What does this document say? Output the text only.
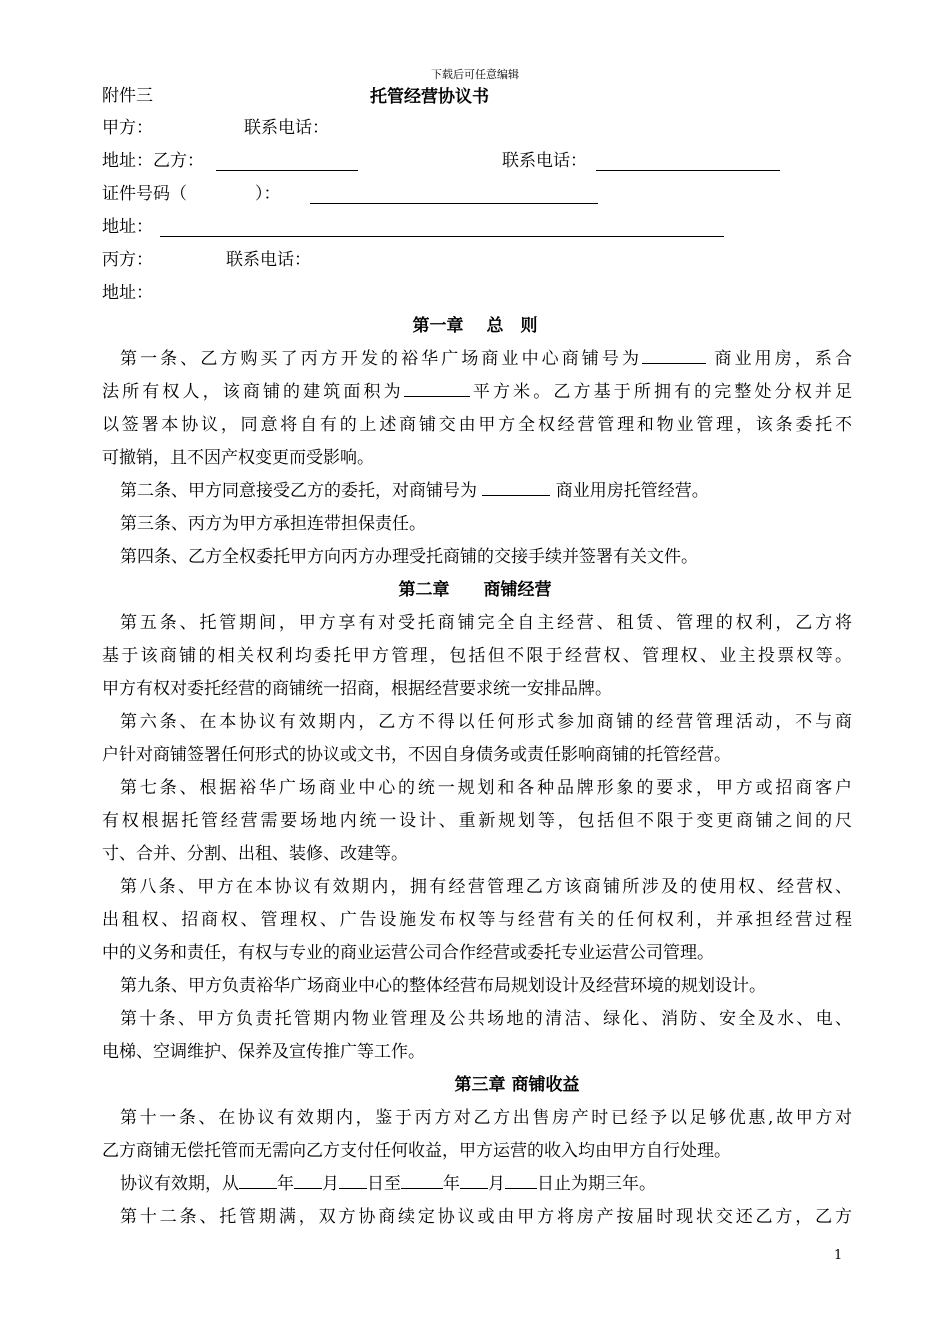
下载后可任意编辑
附件三	托管经营协议书
甲方：	联系电话：
地址：乙方：	联系电话：
证件号码（　　　　）：
地址：
丙方：	联系电话：
地址：
第一章　 总　则
第一条、乙方购买了丙方开发的裕华广场商业中心商铺号为	商业用房，系合
法所有权人，该商铺的建筑面积为	平方米。乙方基于所拥有的完整处分权并足
以签署本协议，同意将自有的上述商铺交由甲方全权经营管理和物业管理，该条委托不
可撤销，且不因产权变更而受影响。
第二条、甲方同意接受乙方的委托，对商铺号为	商业用房托管经营。
第三条、丙方为甲方承担连带担保责任。
第四条、乙方全权委托甲方向丙方办理受托商铺的交接手续并签署有关文件。
第二章　　商铺经营
第五条、托管期间，甲方享有对受托商铺完全自主经营、租赁、管理的权利，乙方将
基于该商铺的相关权利均委托甲方管理，包括但不限于经营权、管理权、业主投票权等。
甲方有权对委托经营的商铺统一招商，根据经营要求统一安排品牌。
第六条、在本协议有效期内，乙方不得以任何形式参加商铺的经营管理活动，不与商
户针对商铺签署任何形式的协议或文书，不因自身债务或责任影响商铺的托管经营。
第七条、根据裕华广场商业中心的统一规划和各种品牌形象的要求，甲方或招商客户
有权根据托管经营需要场地内统一设计、重新规划等，包括但不限于变更商铺之间的尺
寸、合并、分割、出租、装修、改建等。
第八条、甲方在本协议有效期内，拥有经营管理乙方该商铺所涉及的使用权、经营权、
出租权、招商权、管理权、广告设施发布权等与经营有关的任何权利，并承担经营过程
中的义务和责任，有权与专业的商业运营公司合作经营或委托专业运营公司管理。
第九条、甲方负责裕华广场商业中心的整体经营布局规划设计及经营环境的规划设计。
第十条、甲方负责托管期内物业管理及公共场地的清洁、绿化、消防、安全及水、电、
电梯、空调维护、保养及宣传推广等工作。
第三章 商铺收益
第十一条、在协议有效期内，鉴于丙方对乙方出售房产时已经予以足够优惠,故甲方对
乙方商铺无偿托管而无需向乙方支付任何收益，甲方运营的收入均由甲方自行处理。
协议有效期，从 年 月 日至 年 月 日止为期三年。
第十二条、托管期满，双方协商续定协议或由甲方将房产按届时现状交还乙方，乙方
1
